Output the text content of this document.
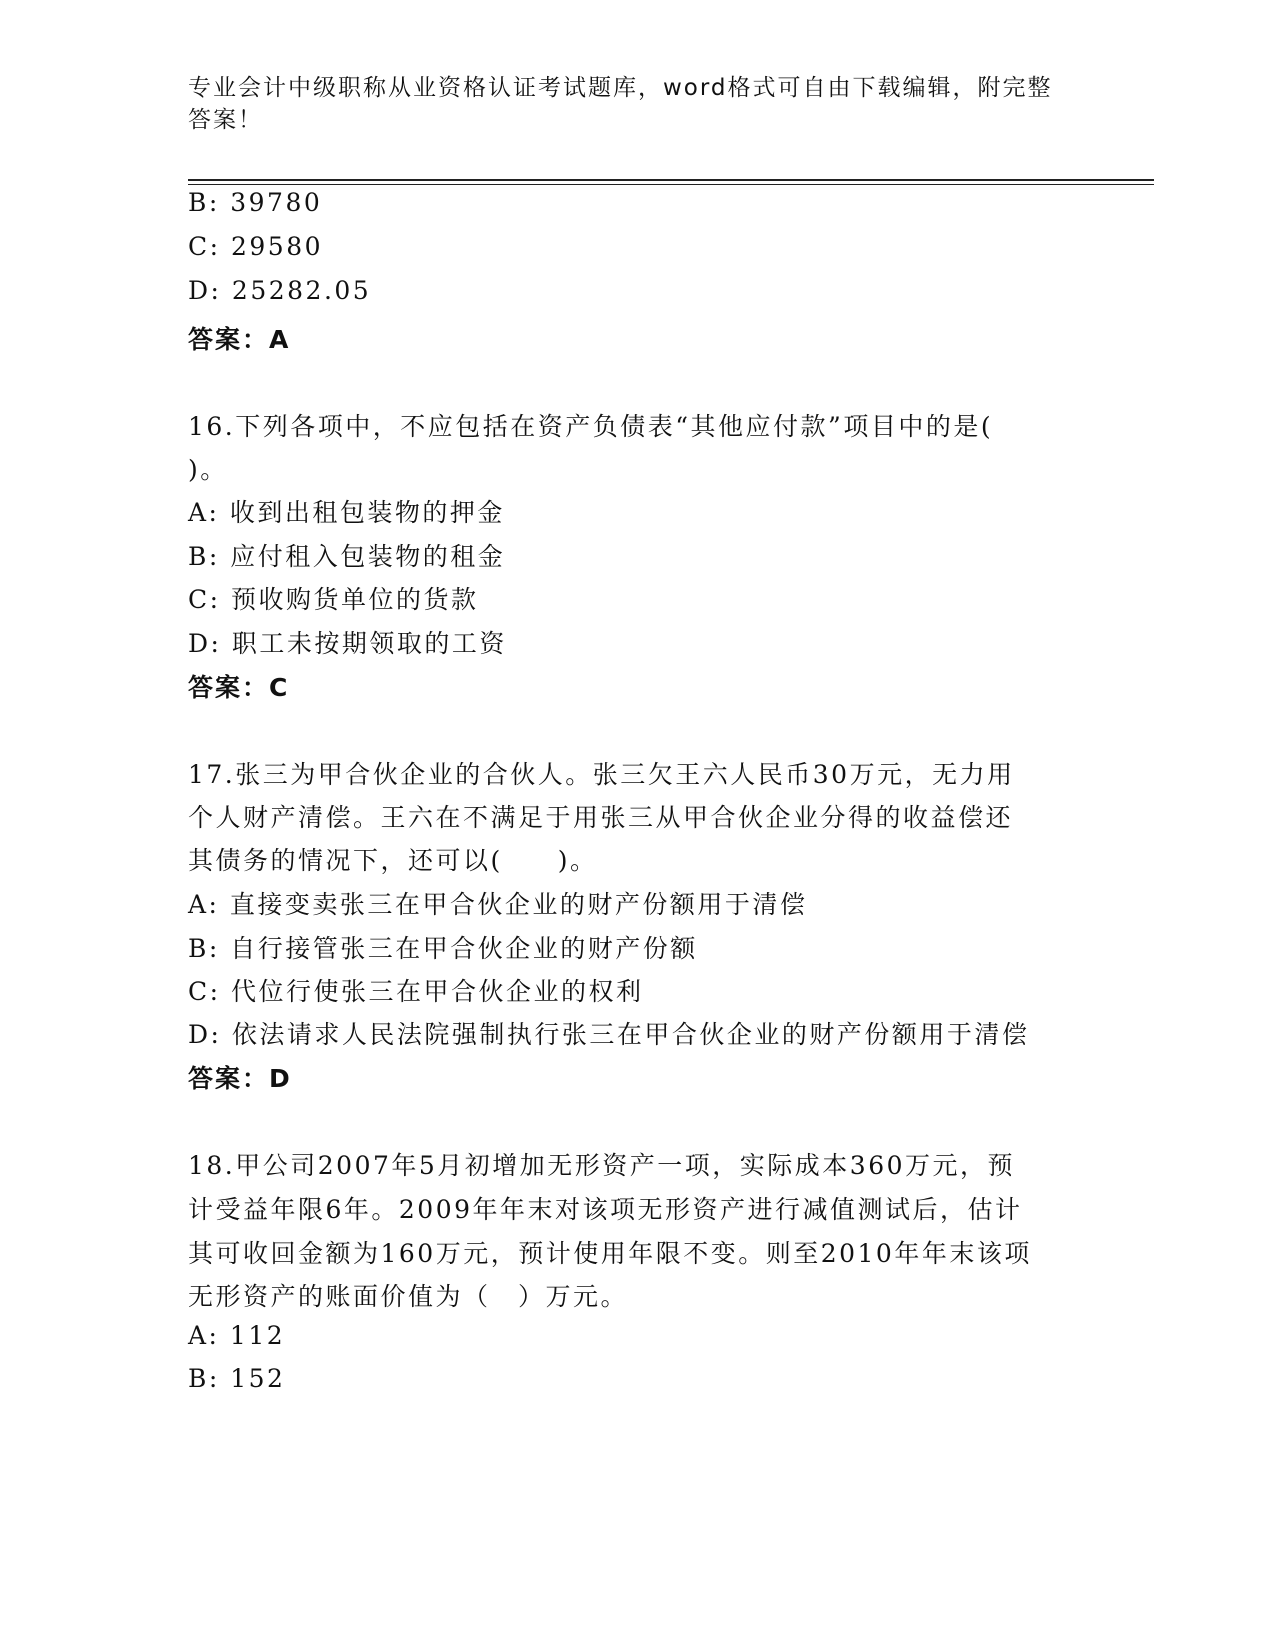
专业会计中级职称从业资格认证考试题库，word格式可自由下载编辑，附完整答案！
B: 39780
C: 29580
D: 25282.05
答案：A
16.下列各项中，不应包括在资产负债表“其他应付款”项目中的是(
)。
A: 收到出租包装物的押金
B: 应付租入包装物的租金
C: 预收购货单位的货款
D: 职工未按期领取的工资
答案：C
17.张三为甲合伙企业的合伙人。张三欠王六人民币30万元，无力用
个人财产清偿。王六在不满足于用张三从甲合伙企业分得的收益偿还
其债务的情况下，还可以(　　)。
A: 直接变卖张三在甲合伙企业的财产份额用于清偿
B: 自行接管张三在甲合伙企业的财产份额
C: 代位行使张三在甲合伙企业的权利
D: 依法请求人民法院强制执行张三在甲合伙企业的财产份额用于清偿
答案：D
18.甲公司2007年5月初增加无形资产一项，实际成本360万元，预
计受益年限6年。2009年年末对该项无形资产进行减值测试后，估计
其可收回金额为160万元，预计使用年限不变。则至2010年年末该项
无形资产的账面价值为（　）万元。
A: 112
B: 152
